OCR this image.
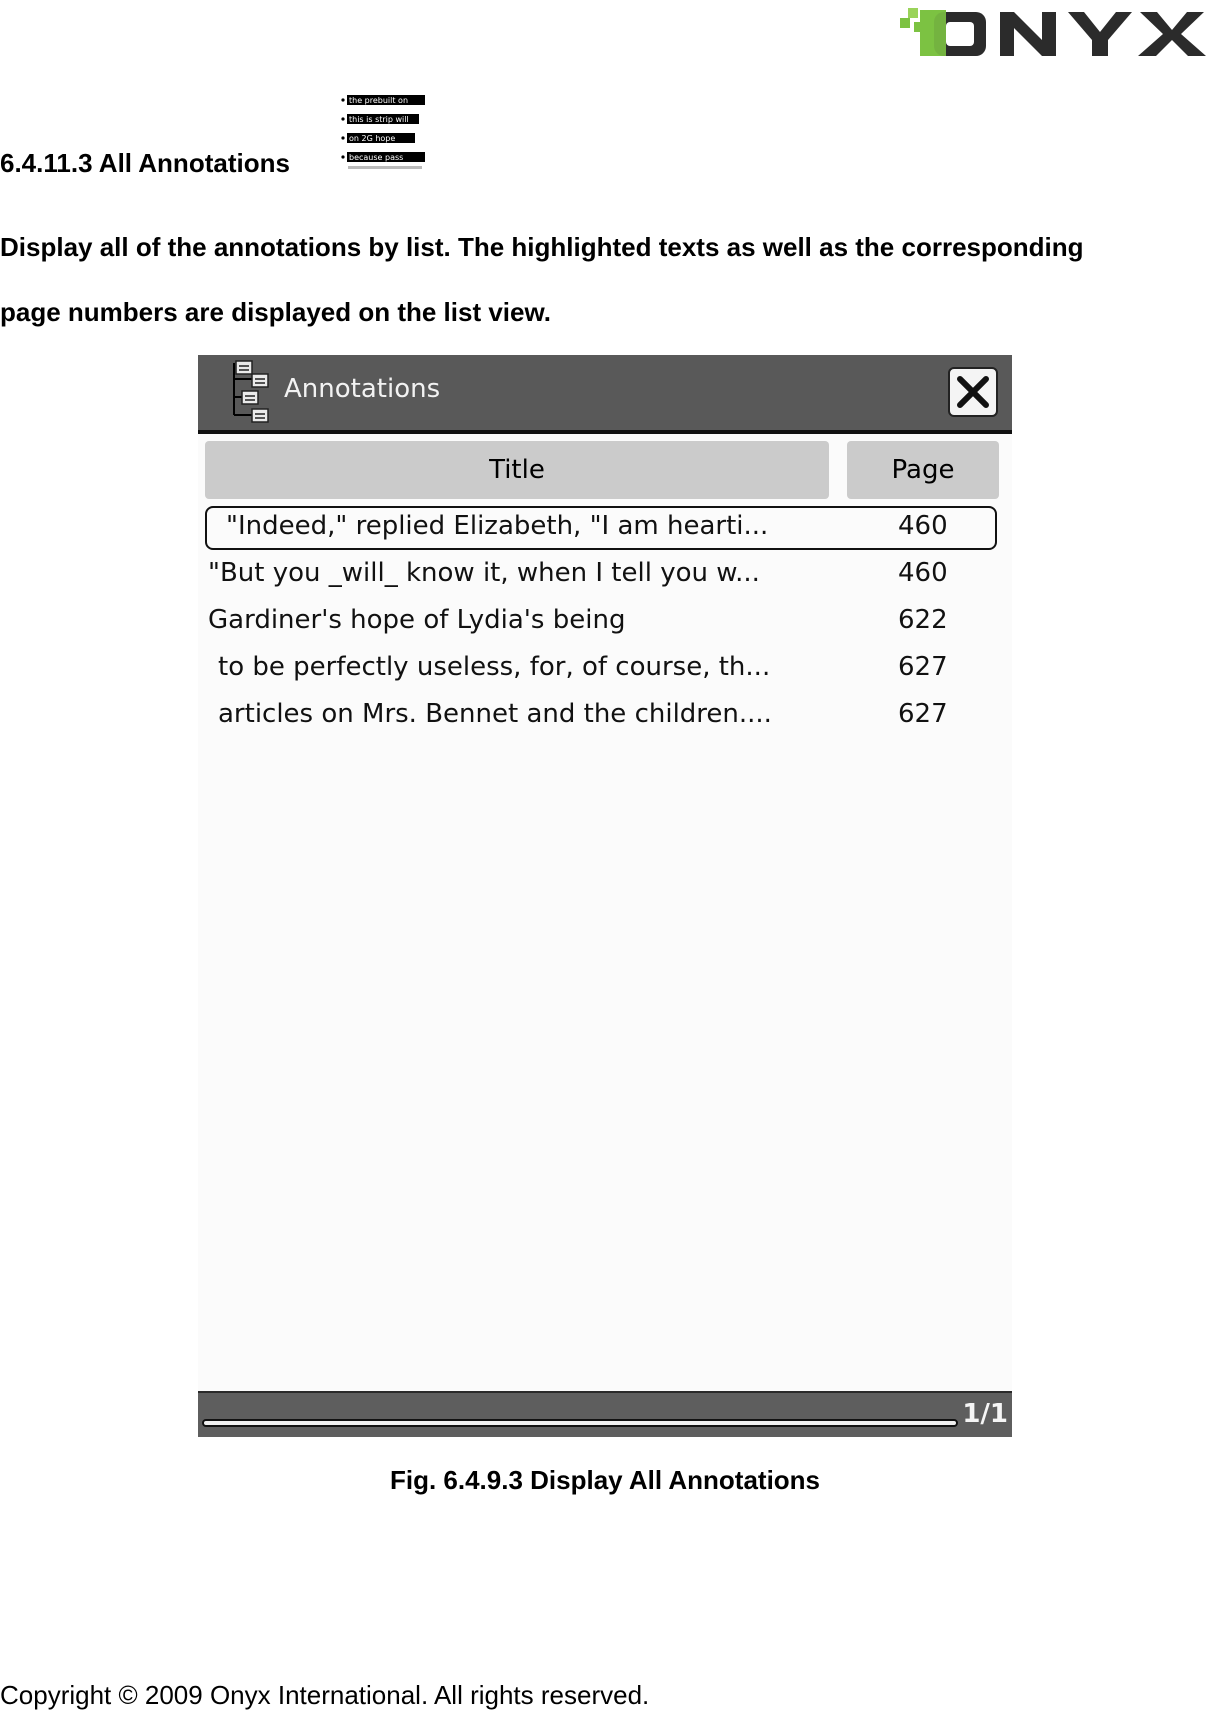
6.4.11.3 All Annotations
the prebuilt on
this is strip will
on 2G hope
because pass
Display all of the annotations by list. The highlighted texts as well as the corresponding
page numbers are displayed on the list view.
Annotations
Title	Page
"Indeed," replied Elizabeth, "I am hearti...	460
"But you _will_ know it, when I tell you w...	460
Gardiner's hope of Lydia's being	622
to be perfectly useless, for, of course, th...	627
articles on Mrs. Bennet and the children....	627
1/1
Fig. 6.4.9.3 Display All Annotations
Copyright © 2009 Onyx International. All rights reserved.
